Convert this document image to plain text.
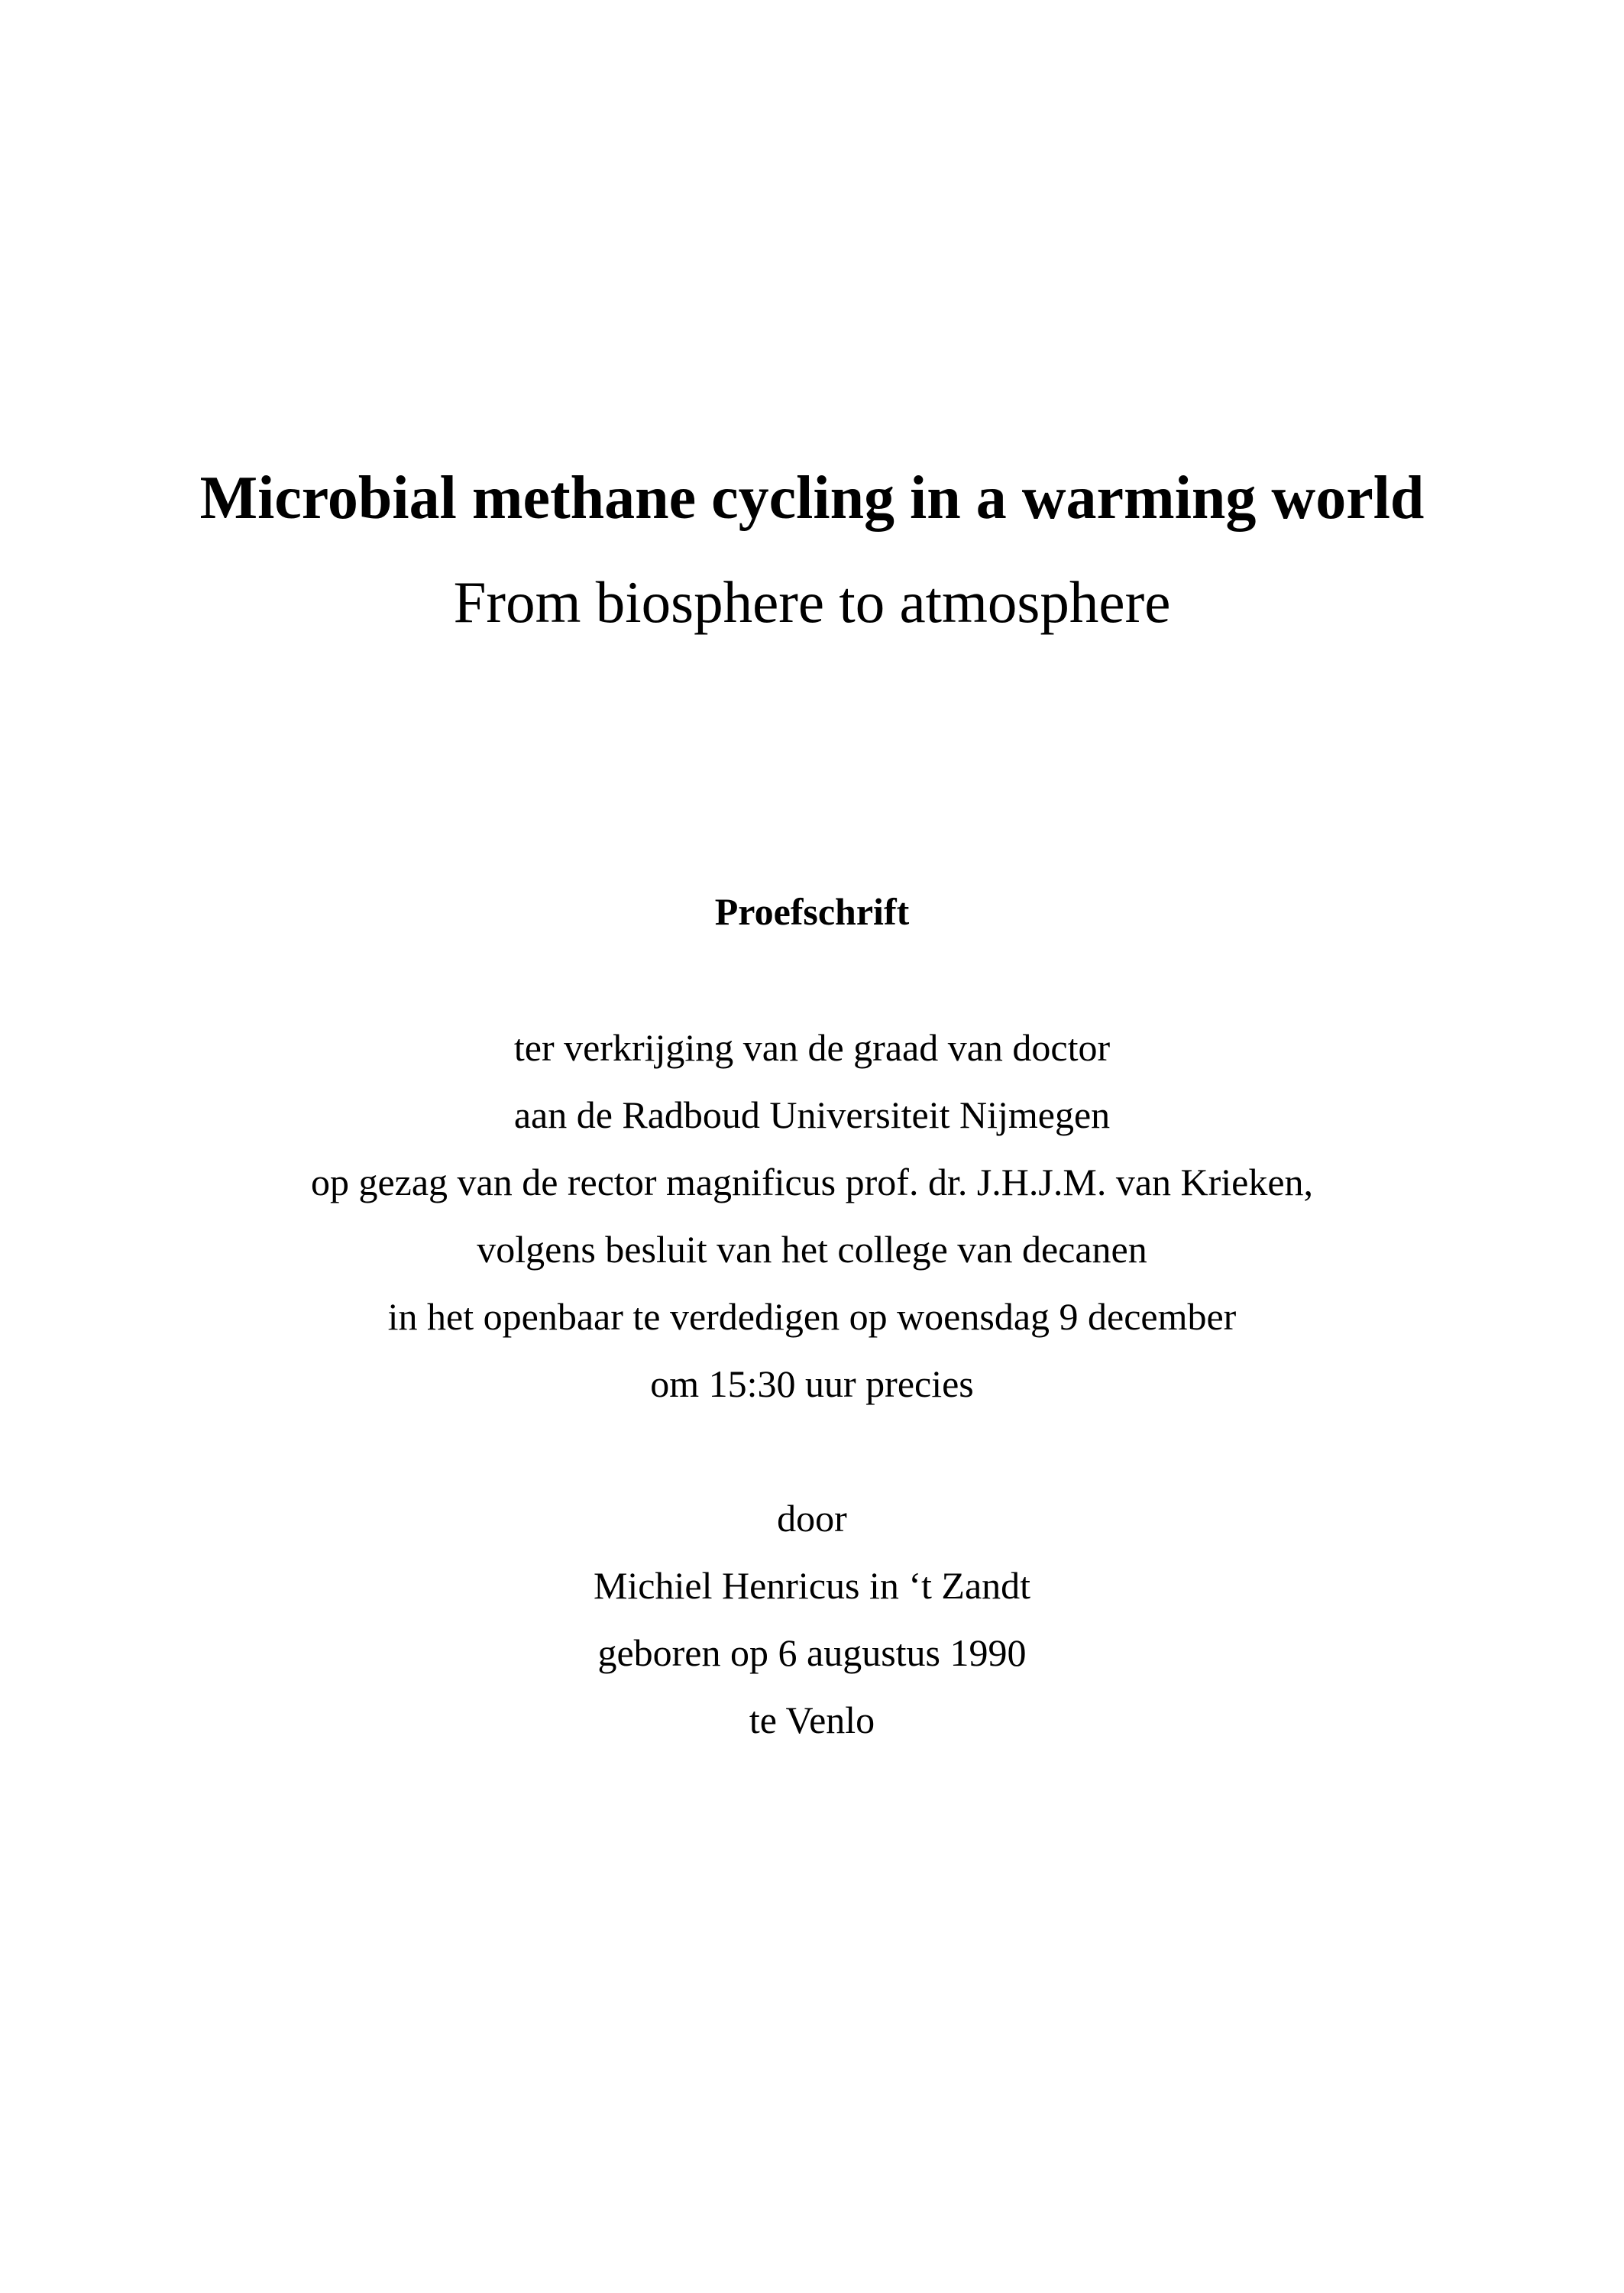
Microbial methane cycling in a warming world
From biosphere to atmosphere
Proefschrift
ter verkrijging van de graad van doctor
aan de Radboud Universiteit Nijmegen
op gezag van de rector magnificus prof. dr. J.H.J.M. van Krieken,
volgens besluit van het college van decanen
in het openbaar te verdedigen op woensdag 9 december
om 15:30 uur precies
door
Michiel Henricus in ‘t Zandt
geboren op 6 augustus 1990
te Venlo
